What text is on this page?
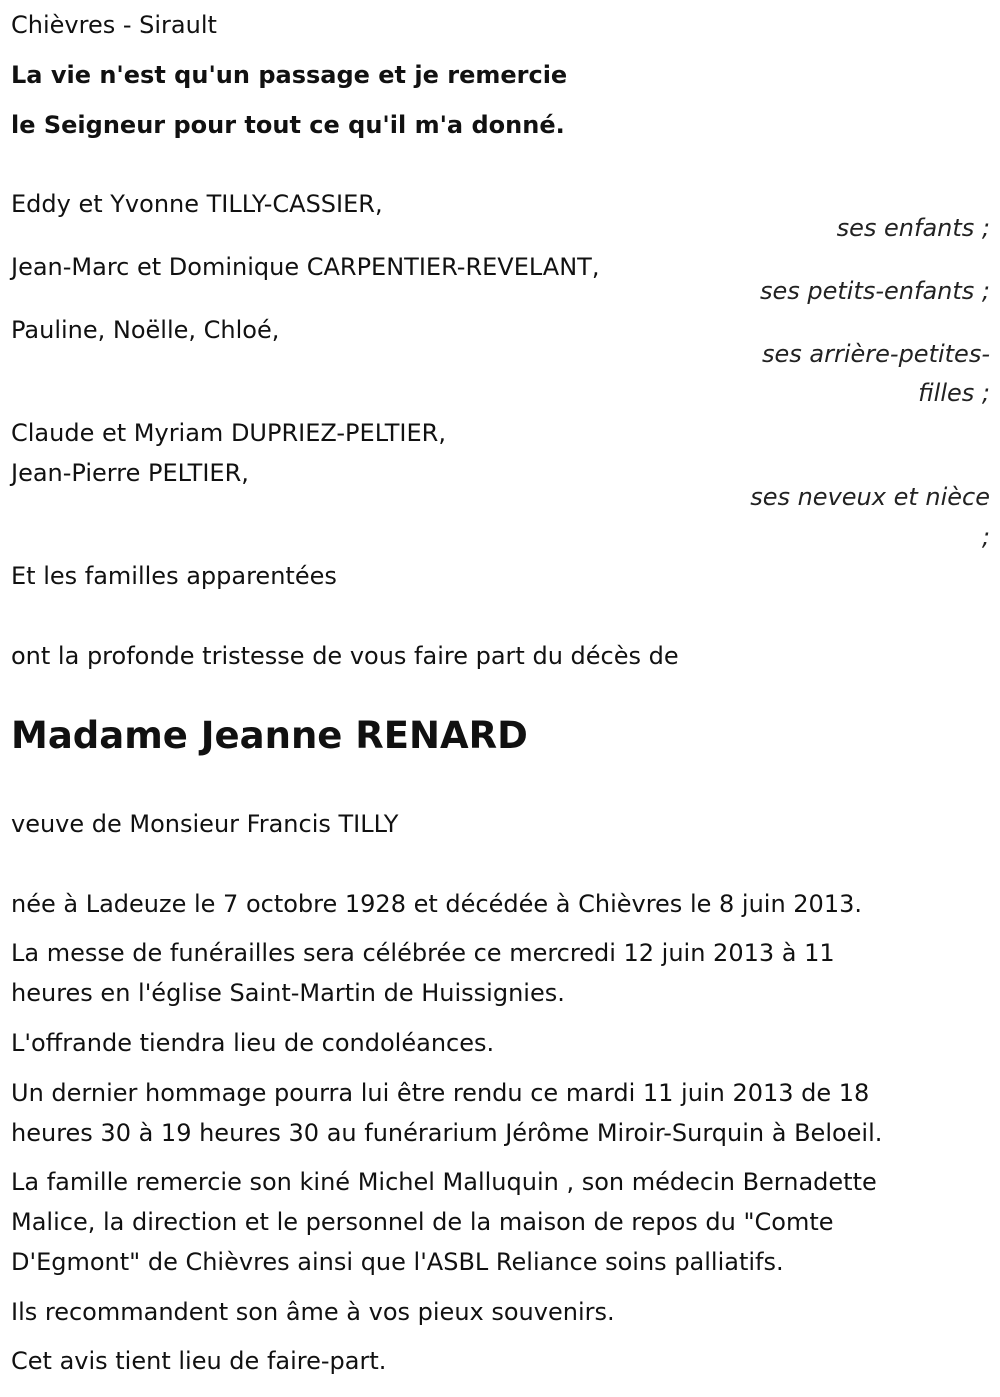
Chièvres - Sirault
La vie n'est qu'un passage et je remercie
le Seigneur pour tout ce qu'il m'a donné.
Eddy et Yvonne TILLY-CASSIER,
ses enfants ;
Jean-Marc et Dominique CARPENTIER-REVELANT,
ses petits-enfants ;
Pauline, Noëlle, Chloé,
ses arrière-petites-
filles ;
Claude et Myriam DUPRIEZ-PELTIER,
Jean-Pierre PELTIER,
ses neveux et nièce
;
Et les familles apparentées
ont la profonde tristesse de vous faire part du décès de
Madame Jeanne RENARD
veuve de Monsieur Francis TILLY
née à Ladeuze le 7 octobre 1928 et décédée à Chièvres le 8 juin 2013.
La messe de funérailles sera célébrée ce mercredi 12 juin 2013 à 11
heures en l'église Saint-Martin de Huissignies.
L'offrande tiendra lieu de condoléances.
Un dernier hommage pourra lui être rendu ce mardi 11 juin 2013 de 18
heures 30 à 19 heures 30 au funérarium Jérôme Miroir-Surquin à Beloeil.
La famille remercie son kiné Michel Malluquin , son médecin Bernadette
Malice, la direction et le personnel de la maison de repos du "Comte
D'Egmont" de Chièvres ainsi que l'ASBL Reliance soins palliatifs.
Ils recommandent son âme à vos pieux souvenirs.
Cet avis tient lieu de faire-part.
